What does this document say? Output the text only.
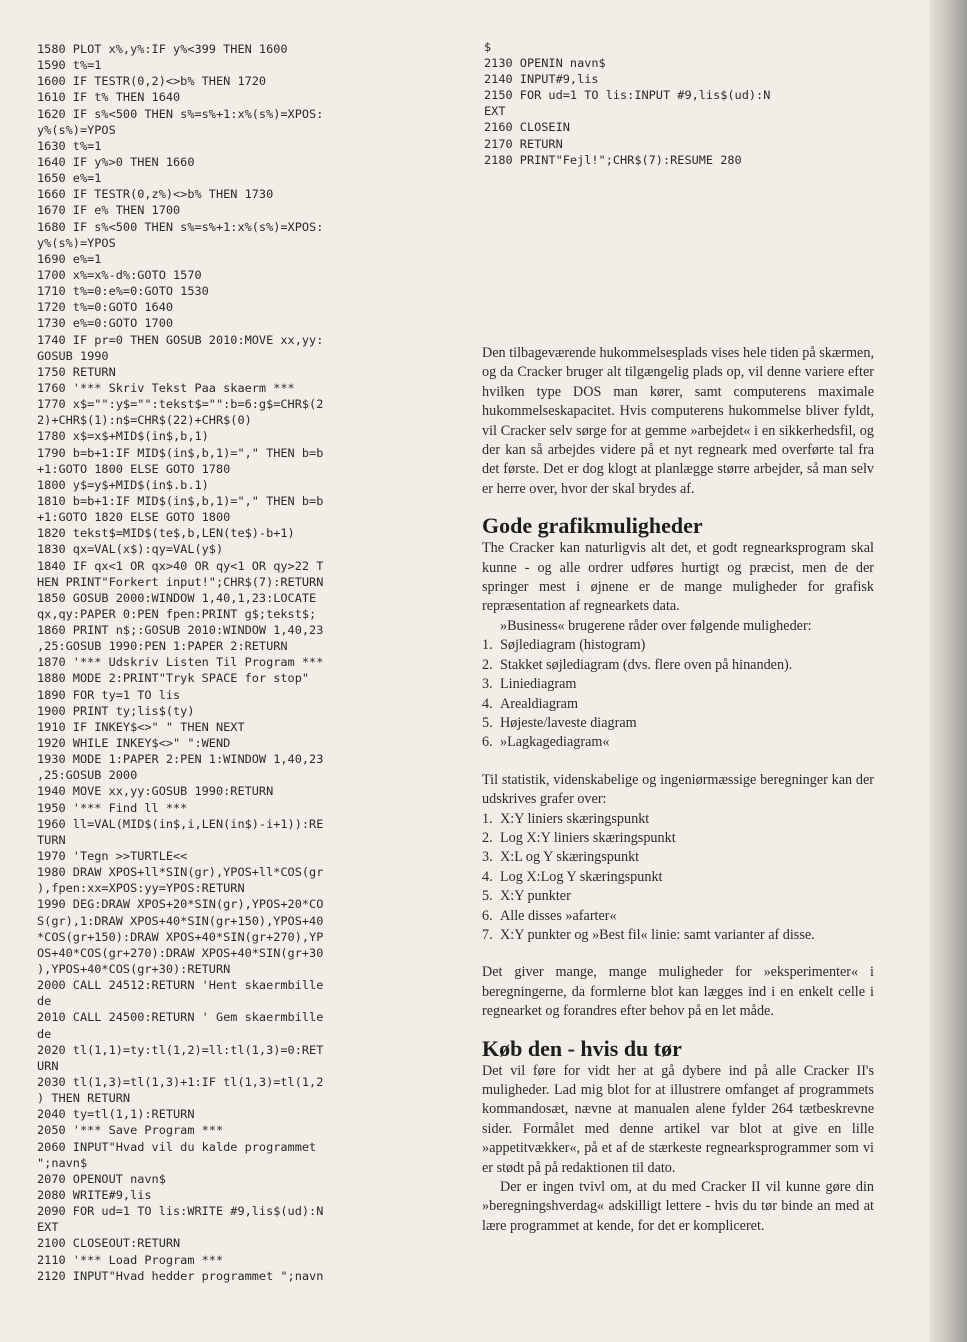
1580 PLOT x%,y%:IF y%<399 THEN 1600
1590 t%=1
1600 IF TESTR(0,2)<>b% THEN 1720
1610 IF t% THEN 1640
1620 IF s%<500 THEN s%=s%+1:x%(s%)=XPOS:
y%(s%)=YPOS
1630 t%=1
1640 IF y%>0 THEN 1660
1650 e%=1
1660 IF TESTR(0,z%)<>b% THEN 1730
1670 IF e% THEN 1700
1680 IF s%<500 THEN s%=s%+1:x%(s%)=XPOS:
y%(s%)=YPOS
1690 e%=1
1700 x%=x%-d%:GOTO 1570
1710 t%=0:e%=0:GOTO 1530
1720 t%=0:GOTO 1640
1730 e%=0:GOTO 1700
1740 IF pr=0 THEN GOSUB 2010:MOVE xx,yy:
GOSUB 1990
1750 RETURN
1760 '*** Skriv Tekst Paa skaerm ***
1770 x$="":y$="":tekst$="":b=6:g$=CHR$(2
2)+CHR$(1):n$=CHR$(22)+CHR$(0)
1780 x$=x$+MID$(in$,b,1)
1790 b=b+1:IF MID$(in$,b,1)="," THEN b=b
+1:GOTO 1800 ELSE GOTO 1780
1800 y$=y$+MID$(in$.b.1)
1810 b=b+1:IF MID$(in$,b,1)="," THEN b=b
+1:GOTO 1820 ELSE GOTO 1800
1820 tekst$=MID$(te$,b,LEN(te$)-b+1)
1830 qx=VAL(x$):qy=VAL(y$)
1840 IF qx<1 OR qx>40 OR qy<1 OR qy>22 T
HEN PRINT"Forkert input!";CHR$(7):RETURN
1850 GOSUB 2000:WINDOW 1,40,1,23:LOCATE
qx,qy:PAPER 0:PEN fpen:PRINT g$;tekst$;
1860 PRINT n$;:GOSUB 2010:WINDOW 1,40,23
,25:GOSUB 1990:PEN 1:PAPER 2:RETURN
1870 '*** Udskriv Listen Til Program ***
1880 MODE 2:PRINT"Tryk SPACE for stop"
1890 FOR ty=1 TO lis
1900 PRINT ty;lis$(ty)
1910 IF INKEY$<>" " THEN NEXT
1920 WHILE INKEY$<>" ":WEND
1930 MODE 1:PAPER 2:PEN 1:WINDOW 1,40,23
,25:GOSUB 2000
1940 MOVE xx,yy:GOSUB 1990:RETURN
1950 '*** Find ll ***
1960 ll=VAL(MID$(in$,i,LEN(in$)-i+1)):RE
TURN
1970 'Tegn >>TURTLE<<
1980 DRAW XPOS+ll*SIN(gr),YPOS+ll*COS(gr
),fpen:xx=XPOS:yy=YPOS:RETURN
1990 DEG:DRAW XPOS+20*SIN(gr),YPOS+20*CO
S(gr),1:DRAW XPOS+40*SIN(gr+150),YPOS+40
*COS(gr+150):DRAW XPOS+40*SIN(gr+270),YP
OS+40*COS(gr+270):DRAW XPOS+40*SIN(gr+30
),YPOS+40*COS(gr+30):RETURN
2000 CALL 24512:RETURN 'Hent skaermbille
de
2010 CALL 24500:RETURN ' Gem skaermbille
de
2020 tl(1,1)=ty:tl(1,2)=ll:tl(1,3)=0:RET
URN
2030 tl(1,3)=tl(1,3)+1:IF tl(1,3)=tl(1,2
) THEN RETURN
2040 ty=tl(1,1):RETURN
2050 '*** Save Program ***
2060 INPUT"Hvad vil du kalde programmet
";navn$
2070 OPENOUT navn$
2080 WRITE#9,lis
2090 FOR ud=1 TO lis:WRITE #9,lis$(ud):N
EXT
2100 CLOSEOUT:RETURN
2110 '*** Load Program ***
2120 INPUT"Hvad hedder programmet ";navn
$
2130 OPENIN navn$
2140 INPUT#9,lis
2150 FOR ud=1 TO lis:INPUT #9,lis$(ud):N
EXT
2160 CLOSEIN
2170 RETURN
2180 PRINT"Fejl!";CHR$(7):RESUME 280

Den tilbageværende hukommelsesplads vises hele tiden på skærmen, og da Cracker bruger alt tilgængelig plads op, vil denne variere efter hvilken type DOS man kører, samt computerens maximale hukommelseskapacitet. Hvis computerens hukommelse bliver fyldt, vil Cracker selv sørge for at gemme »arbejdet« i en sikkerhedsfil, og der kan så arbejdes videre på et nyt regneark med overførte tal fra det første. Det er dog klogt at planlægge større arbejder, så man selv er herre over, hvor der skal brydes af.

Gode grafikmuligheder

The Cracker kan naturligvis alt det, et godt regnearksprogram skal kunne - og alle ordrer udføres hurtigt og præcist, men de der springer mest i øjnene er de mange muligheder for grafisk repræsentation af regnearkets data.

»Business« brugerene råder over følgende muligheder:

1. Søjlediagram (histogram)
2. Stakket søjlediagram (dvs. flere oven på hinanden).
3. Liniediagram
4. Arealdiagram
5. Højeste/laveste diagram
6. »Lagkagediagram«

Til statistik, videnskabelige og ingeniørmæssige beregninger kan der udskrives grafer over:

1. X:Y liniers skæringspunkt
2. Log X:Y liniers skæringspunkt
3. X:L og Y skæringspunkt
4. Log X:Log Y skæringspunkt
5. X:Y punkter
6. Alle disses »afarter«
7. X:Y punkter og »Best fil« linie: samt varianter af disse.

Det giver mange, mange muligheder for »eksperimenter« i beregningerne, da formlerne blot kan lægges ind i en enkelt celle i regnearket og forandres efter behov på en let måde.

Køb den - hvis du tør

Det vil føre for vidt her at gå dybere ind på alle Cracker II's muligheder. Lad mig blot for at illustrere omfanget af programmets kommandosæt, nævne at manualen alene fylder 264 tætbeskrevne sider. Formålet med denne artikel var blot at give en lille »appetitvækker«, på et af de stærkeste regnearksprogrammer som vi er stødt på på redaktionen til dato.

Der er ingen tvivl om, at du med Cracker II vil kunne gøre din »beregningshverdag« adskilligt lettere - hvis du tør binde an med at lære programmet at kende, for det er kompliceret.
